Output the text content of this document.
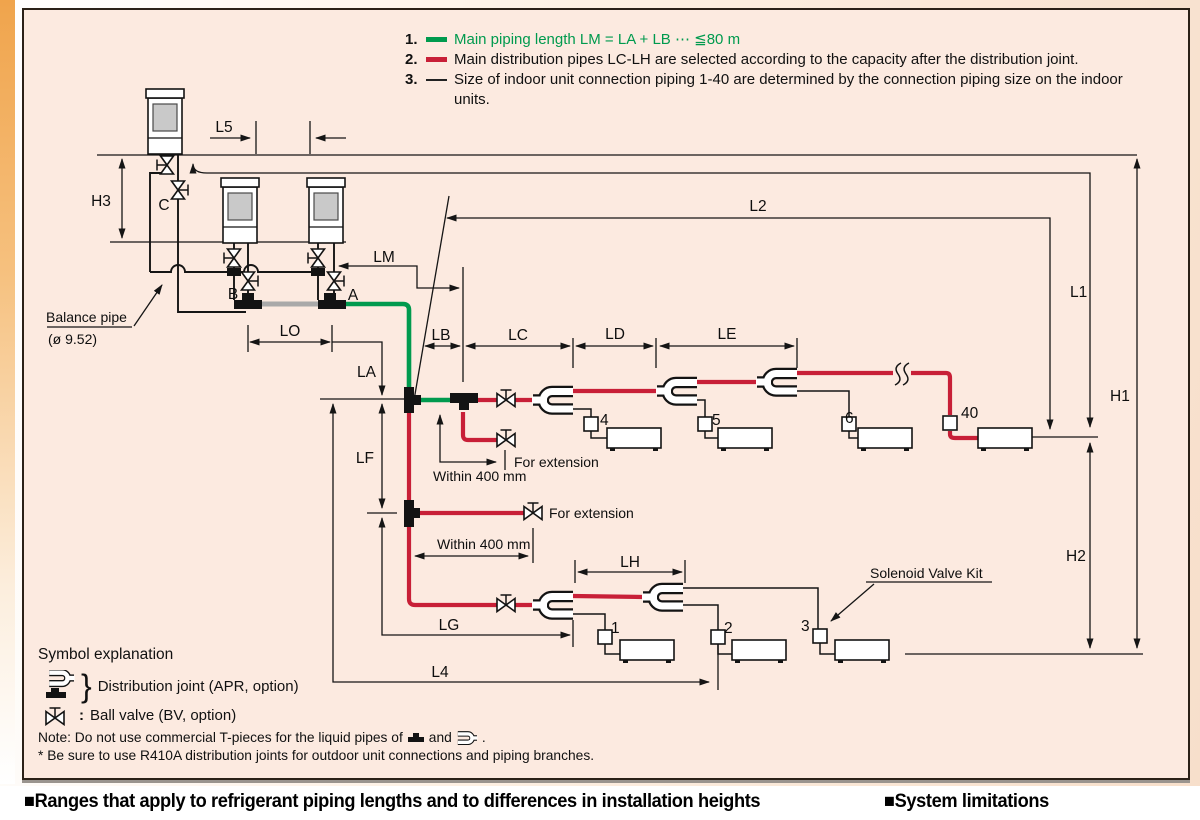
L5
H3	C
B	A
LM
LO
LA
LB	LC	LD	LE
LF
LG
L4
LH
L1
L2
H1
H2
Balance pipe
(ø 9.52)
Within 400 mm
For extension
For extension
Within 400 mm
Solenoid Valve Kit
4	5	6	40
1	2	3
1.	Main piping length LM = LA + LB ⋯ ≦80 m
2.	Main distribution pipes LC-LH are selected according to the capacity after the distribution joint.
3.	Size of indoor unit connection piping 1-40 are determined by the connection piping size on the indoor units.
Symbol explanation
} Distribution joint (APR, option)
: Ball valve (BV, option)
Note: Do not use commercial T-pieces for the liquid pipes of and .
* Be sure to use R410A distribution joints for outdoor unit connections and piping branches.
■Ranges that apply to refrigerant piping lengths and to differences in installation heights	■System limitations
